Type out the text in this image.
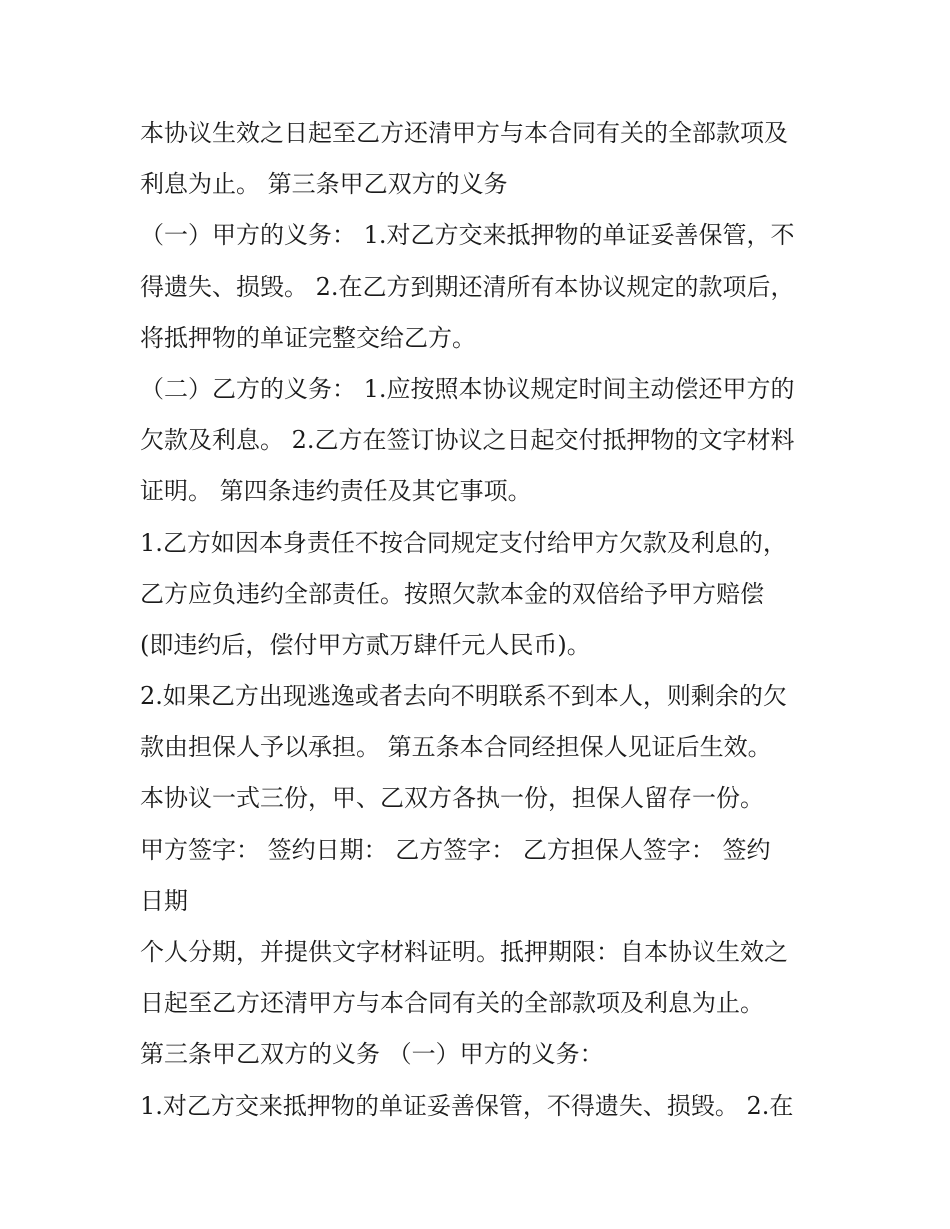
本协议生效之日起至乙方还清甲方与本合同有关的全部款项及
利息为止。 第三条甲乙双方的义务
（一）甲方的义务： 1.对乙方交来抵押物的单证妥善保管，不
得遗失、损毁。 2.在乙方到期还清所有本协议规定的款项后，
将抵押物的单证完整交给乙方。
（二）乙方的义务： 1.应按照本协议规定时间主动偿还甲方的
欠款及利息。 2.乙方在签订协议之日起交付抵押物的文字材料
证明。 第四条违约责任及其它事项。
1.乙方如因本身责任不按合同规定支付给甲方欠款及利息的，
乙方应负违约全部责任。按照欠款本金的双倍给予甲方赔偿
(即违约后，偿付甲方贰万肆仟元人民币)。
2.如果乙方出现逃逸或者去向不明联系不到本人，则剩余的欠
款由担保人予以承担。 第五条本合同经担保人见证后生效。
本协议一式三份，甲、乙双方各执一份，担保人留存一份。
甲方签字： 签约日期： 乙方签字： 乙方担保人签字： 签约
日期
个人分期，并提供文字材料证明。抵押期限：自本协议生效之
日起至乙方还清甲方与本合同有关的全部款项及利息为止。
第三条甲乙双方的义务 （一）甲方的义务：
1.对乙方交来抵押物的单证妥善保管，不得遗失、损毁。 2.在
